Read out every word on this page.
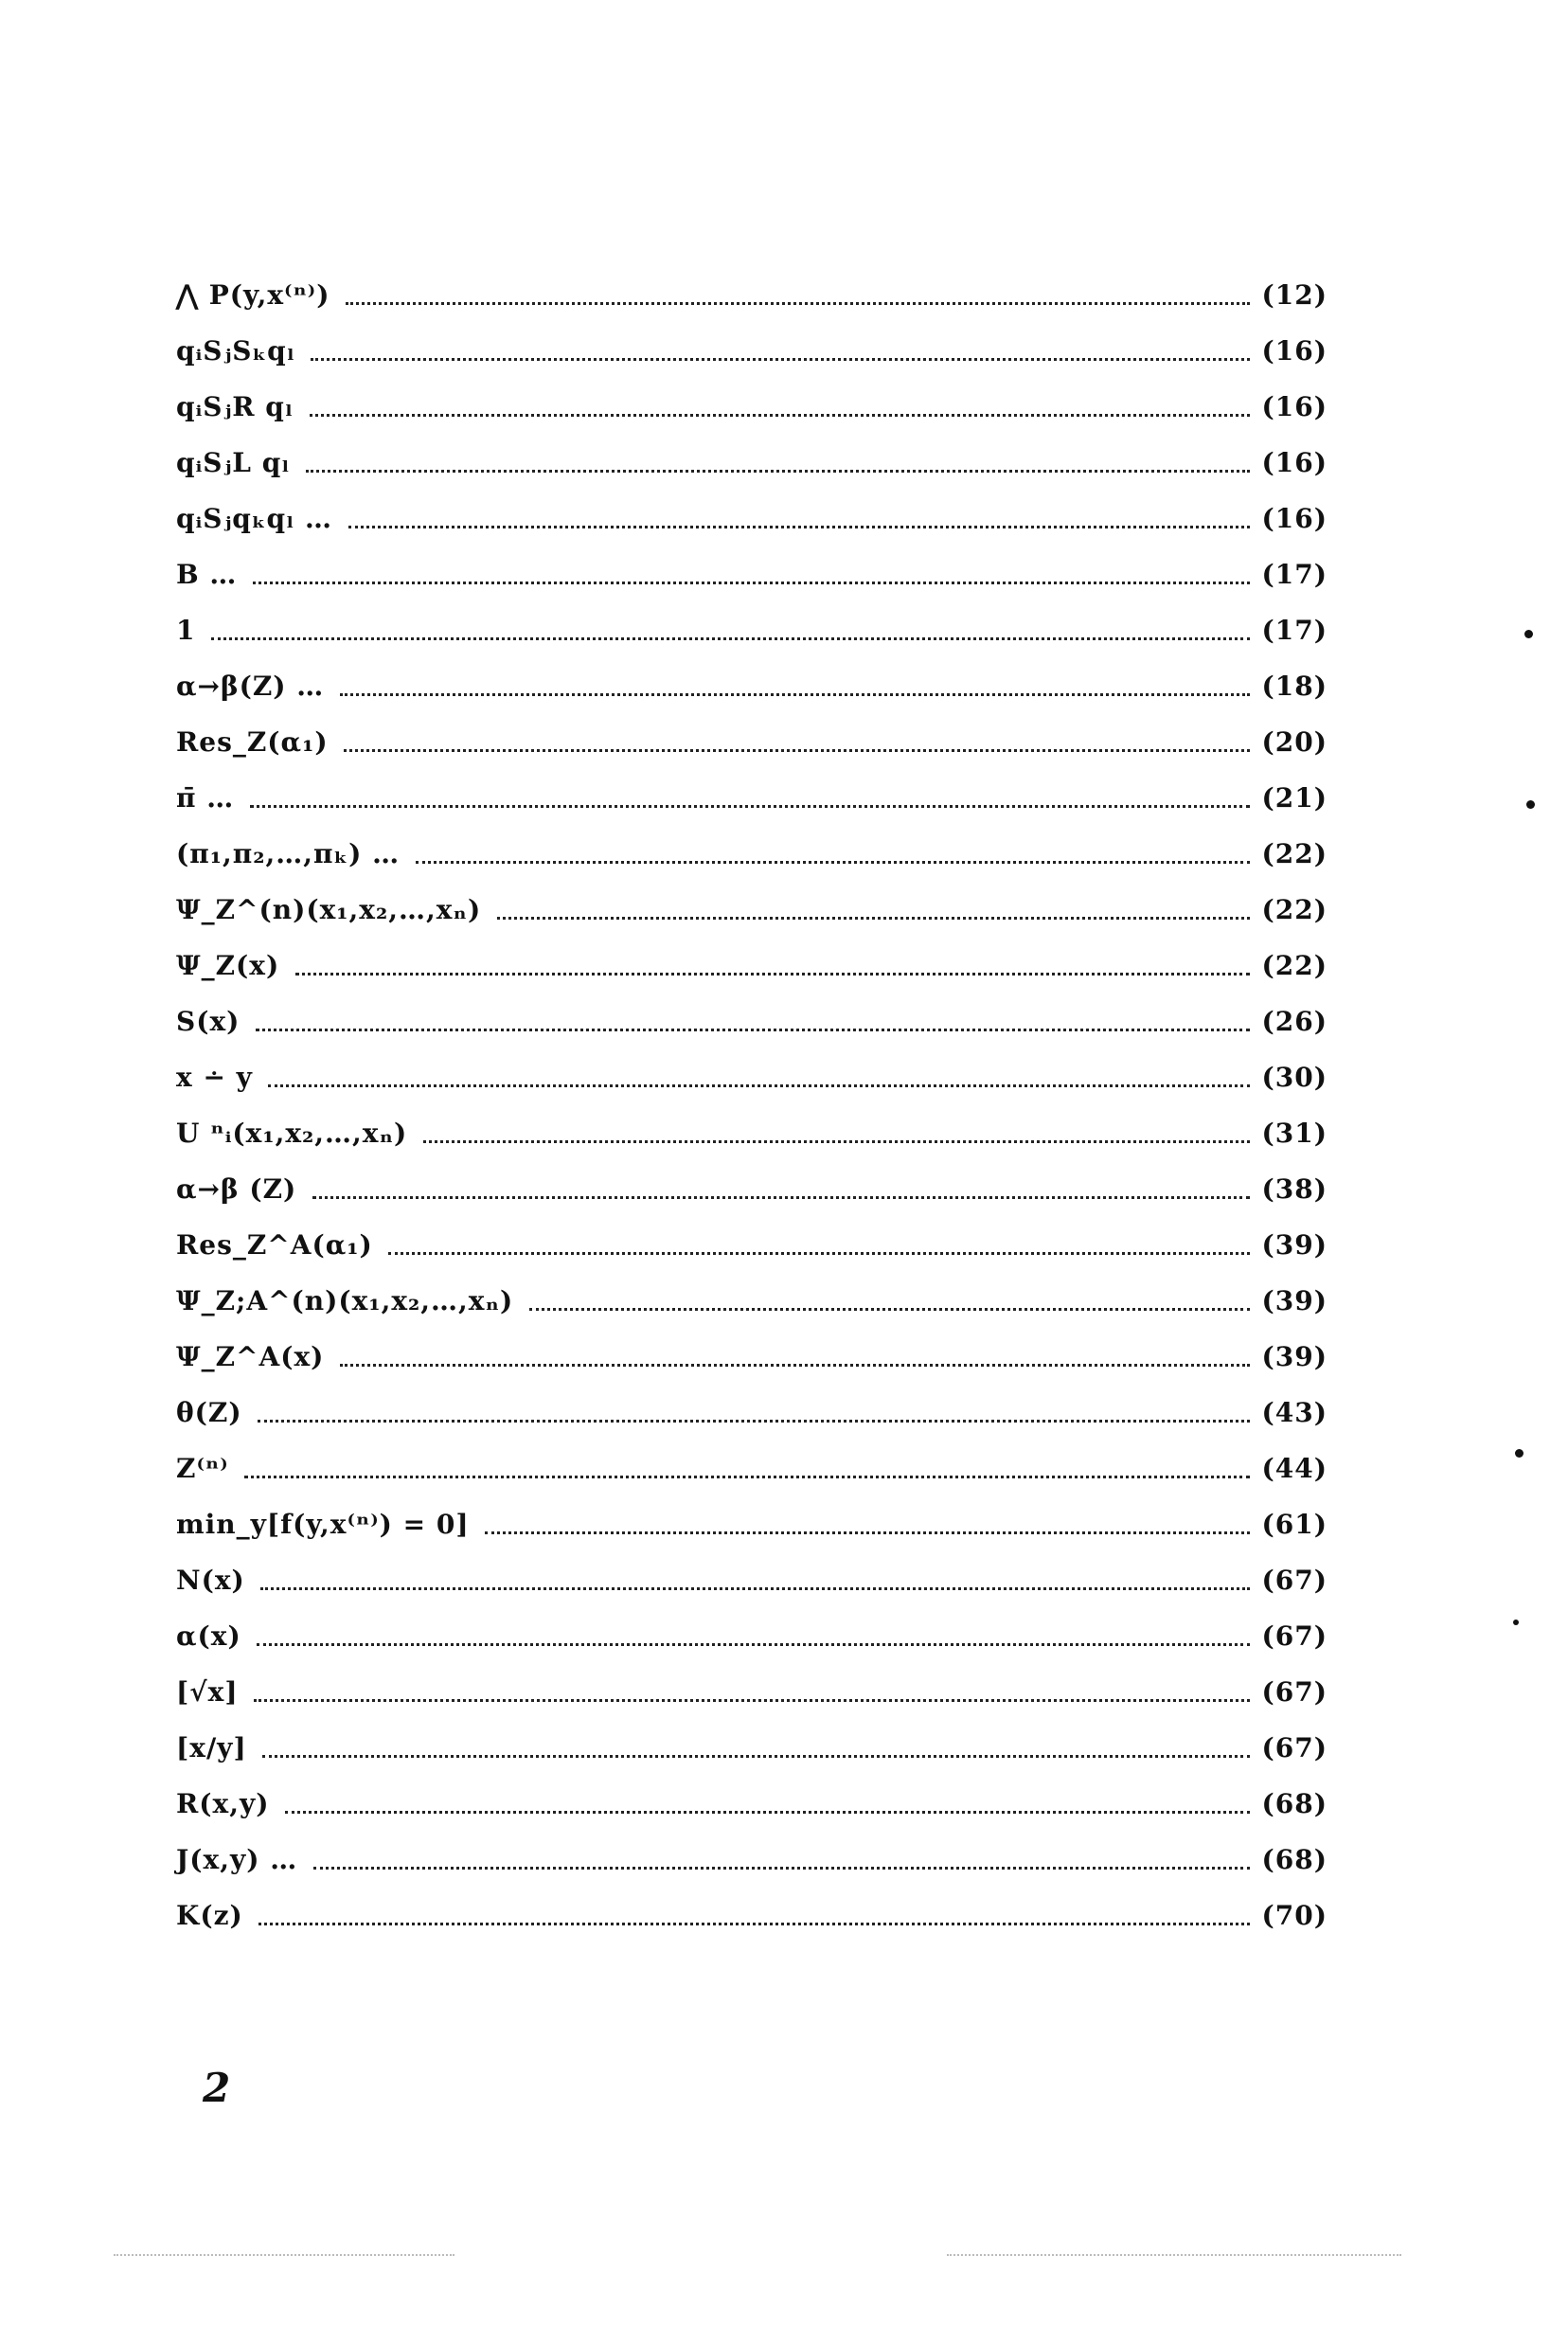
⋀ P(y,x⁽ⁿ⁾)	(12)
qᵢSⱼSₖqₗ	(16)
qᵢSⱼR qₗ	(16)
qᵢSⱼL qₗ	(16)
qᵢSⱼqₖqₗ …	(16)
B …	(17)
1	(17)
α→β(Z) …	(18)
Res_Z(α₁)	(20)
π̄ …	(21)
(π₁,π₂,…,πₖ) …	(22)
Ψ_Z^(n)(x₁,x₂,…,xₙ)	(22)
Ψ_Z(x)	(22)
S(x)	(26)
x ∸ y	(30)
U ⁿᵢ(x₁,x₂,…,xₙ)	(31)
α→β (Z)	(38)
Res_Z^A(α₁)	(39)
Ψ_Z;A^(n)(x₁,x₂,…,xₙ)	(39)
Ψ_Z^A(x)	(39)
θ(Z)	(43)
Z⁽ⁿ⁾	(44)
min_y[f(y,x⁽ⁿ⁾) = 0]	(61)
N(x)	(67)
α(x)	(67)
[√x]	(67)
[x/y]	(67)
R(x,y)	(68)
J(x,y) …	(68)
K(z)	(70)
2
